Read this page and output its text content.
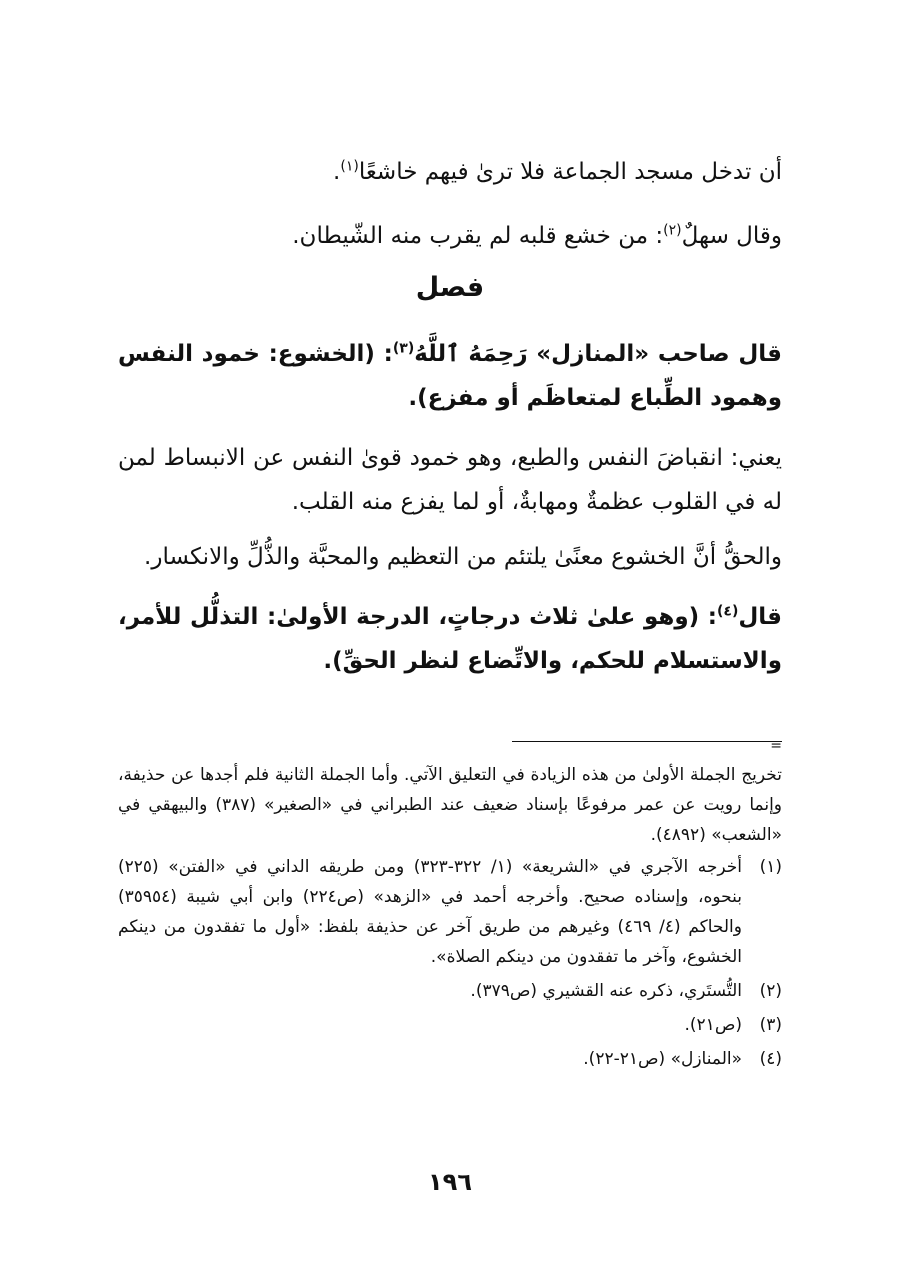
أن تدخل مسجد الجماعة فلا ترىٰ فيهم خاشعًا$^{(١)}$.

وقال سهلٌ$^{(٢)}$: من خشع قلبه لم يقرب منه الشّيطان.

فصل

قال صاحب «المنازل» رَحِمَهُ ٱللَّهُ$^{(٣)}$: (الخشوع: خمود النفس وهمود الطِّباع لمتعاظَم أو مفزع).

يعني: انقباضَ النفس والطبع، وهو خمود قوىٰ النفس عن الانبساط لمن له في القلوب عظمةٌ ومهابةٌ، أو لما يفزع منه القلب.

والحقُّ أنَّ الخشوع معنًىٰ يلتئم من التعظيم والمحبَّة والذُّلِّ والانكسار.

قال$^{(٤)}$: (وهو علىٰ ثلاث درجاتٍ، الدرجة الأولىٰ: التذلُّل للأمر، والاستسلام للحكم، والاتِّضاع لنظر الحقِّ).

=

تخريج الجملة الأولىٰ من هذه الزيادة في التعليق الآتي. وأما الجملة الثانية فلم أجدها عن حذيفة، وإنما رويت عن عمر مرفوعًا بإسناد ضعيف عند الطبراني في «الصغير» (٣٨٧) والبيهقي في «الشعب» (٤٨٩٢).

(١)
أخرجه الآجري في «الشريعة» (١/ ٣٢٢-٣٢٣) ومن طريقه الداني في «الفتن» (٢٢٥) بنحوه، وإسناده صحيح. وأخرجه أحمد في «الزهد» (ص٢٢٤) وابن أبي شيبة (٣٥٩٥٤) والحاكم (٤/ ٤٦٩) وغيرهم من طريق آخر عن حذيفة بلفظ: «أول ما تفقدون من دينكم الخشوع، وآخر ما تفقدون من دينكم الصلاة».
(٢)
التُّستَري، ذكره عنه القشيري (ص٣٧٩).
(٣)
(ص٢١).
(٤)
«المنازل» (ص٢١-٢٢).
١٩٦
